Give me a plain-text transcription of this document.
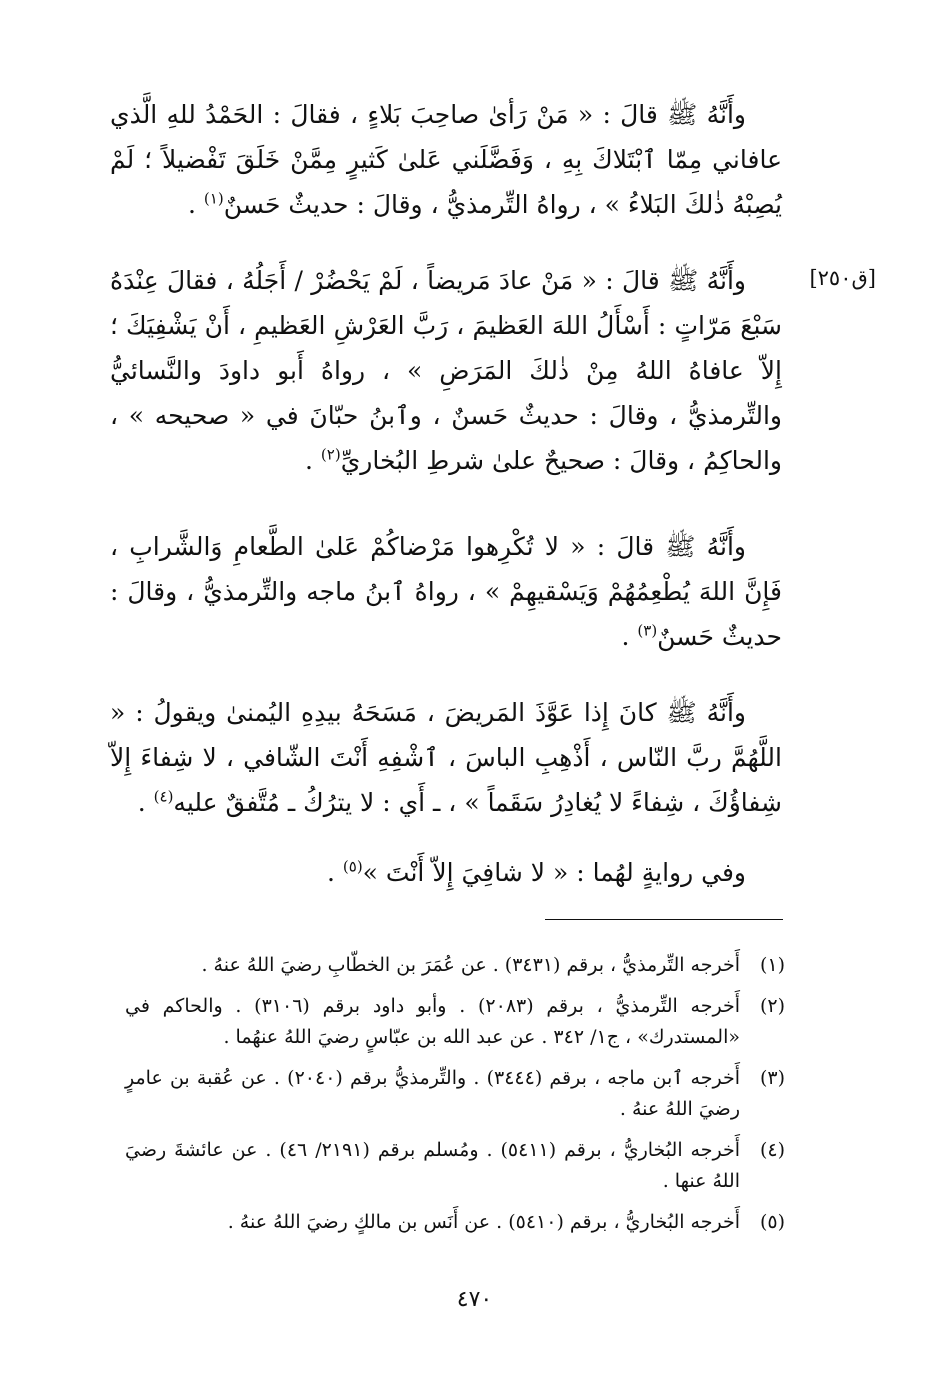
[ق٢٥٠]

وأَنَّهُ ﷺ قالَ : « مَنْ رَأىٰ صاحِبَ بَلاءٍ ، فقالَ : الحَمْدُ للهِ الَّذي عافاني مِمّا ٱبْتَلاكَ بِهِ ، وَفَضَّلَني عَلىٰ كَثيرٍ مِمَّنْ خَلَقَ تَفْضيلاً ؛ لَمْ يُصِبْهُ ذٰلكَ البَلاءُ » ، رواهُ التِّرمذيُّ ، وقالَ : حديثٌ حَسنٌ$^{(١)}$ .

وأَنَّهُ ﷺ قالَ : « مَنْ عادَ مَريضاً ، لَمْ يَحْضُرْ / أَجَلُهُ ، فقالَ عِنْدَهُ سَبْعَ مَرّاتٍ : أَسْأَلُ اللهَ العَظيمَ ، رَبَّ العَرْشِ العَظيمِ ، أَنْ يَشْفِيَكَ ؛ إِلاّ عافاهُ اللهُ مِنْ ذٰلكَ المَرَضِ » ، رواهُ أَبو داودَ والنَّسائيُّ والتِّرمذيُّ ، وقالَ : حديثٌ حَسنٌ ، وٱبنُ حبّانَ في « صحيحه » ، والحاكِمُ ، وقالَ : صحيحٌ علىٰ شرطِ البُخاريِّ$^{(٢)}$ .

وأَنَّهُ ﷺ قالَ : « لا تُكْرِهوا مَرْضاكُمْ عَلىٰ الطَّعامِ وَالشَّرابِ ، فَإِنَّ اللهَ يُطْعِمُهُمْ وَيَسْقيهِمْ » ، رواهُ ٱبنُ ماجه والتِّرمذيُّ ، وقالَ : حديثٌ حَسنٌ$^{(٣)}$ .

وأَنَّهُ ﷺ كانَ إِذا عَوَّذَ المَريضَ ، مَسَحَهُ بيدِهِ اليُمنىٰ ويقولُ : « اللَّهُمَّ ربَّ النّاس ، أَذْهِبِ الباسَ ، ٱشْفِهِ أَنْتَ الشّافي ، لا شِفاءَ إِلاّ شِفاؤُكَ ، شِفاءً لا يُغادِرُ سَقَماً » ، ـ أَي : لا يترُكُ ـ مُتَّفقٌ عليه$^{(٤)}$ .

وفي روايةٍ لهُما : « لا شافِيَ إِلاّ أَنْتَ »$^{(٥)}$ .

(١)
أَخرجه التِّرمذيُّ ، برقم (٣٤٣١) . عن عُمَرَ بن الخطّابِ رضيَ اللهُ عنهُ .
(٢)
أَخرجه التِّرمذيُّ ، برقم (٢٠٨٣) . وأبو داود برقم (٣١٠٦) . والحاكم في «المستدرك» ، ج١/ ٣٤٢ . عن عبد الله بن عبّاسٍ رضيَ اللهُ عنهُما .
(٣)
أَخرجه ٱبن ماجه ، برقم (٣٤٤٤) . والتِّرمذيُّ برقم (٢٠٤٠) . عن عُقبة بن عامرٍ رضيَ اللهُ عنهُ .
(٤)
أَخرجه البُخاريُّ ، برقم (٥٤١١) . ومُسلم برقم (٢١٩١/ ٤٦) . عن عائشةَ رضيَ اللهُ عنها .
(٥)
أَخرجه البُخاريُّ ، برقم (٥٤١٠) . عن أَنَس بن مالكٍ رضيَ اللهُ عنهُ .
٤٧٠
